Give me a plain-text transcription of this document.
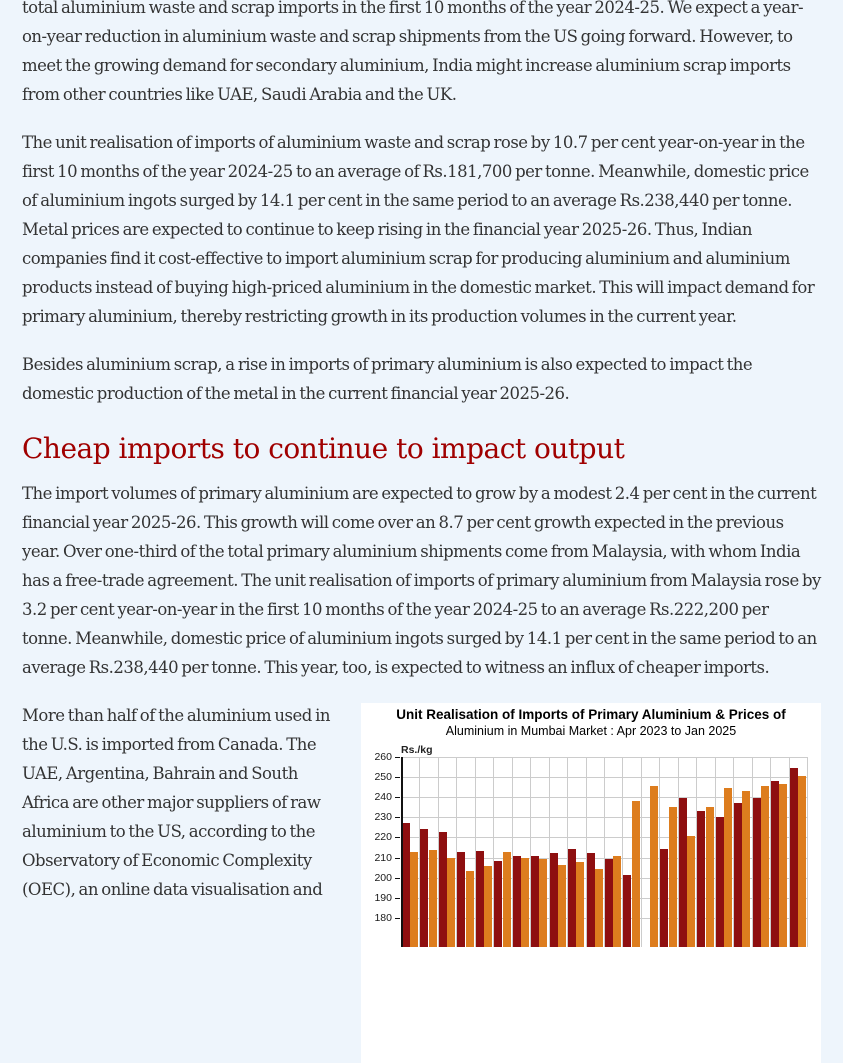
total aluminium waste and scrap imports in the first 10 months of the year 2024-25. We expect a year-on-year reduction in aluminium waste and scrap shipments from the US going forward. However, to meet the growing demand for secondary aluminium, India might increase aluminium scrap imports from other countries like UAE, Saudi Arabia and the UK.

The unit realisation of imports of aluminium waste and scrap rose by 10.7 per cent year-on-year in the first 10 months of the year 2024-25 to an average of Rs.181,700 per tonne. Meanwhile, domestic price of aluminium ingots surged by 14.1 per cent in the same period to an average Rs.238,440 per tonne. Metal prices are expected to continue to keep rising in the financial year 2025-26. Thus, Indian companies find it cost-effective to import aluminium scrap for producing aluminium and aluminium products instead of buying high-priced aluminium in the domestic market. This will impact demand for primary aluminium, thereby restricting growth in its production volumes in the current year.

Besides aluminium scrap, a rise in imports of primary aluminium is also expected to impact the domestic production of the metal in the current financial year 2025-26.

Cheap imports to continue to impact output

The import volumes of primary aluminium are expected to grow by a modest 2.4 per cent in the current financial year 2025-26. This growth will come over an 8.7 per cent growth expected in the previous year. Over one-third of the total primary aluminium shipments come from Malaysia, with whom India has a free-trade agreement. The unit realisation of imports of primary aluminium from Malaysia rose by 3.2 per cent year-on-year in the first 10 months of the year 2024-25 to an average Rs.222,200 per tonne. Meanwhile, domestic price of aluminium ingots surged by 14.1 per cent in the same period to an average Rs.238,440 per tonne. This year, too, is expected to witness an influx of cheaper imports.

Unit Realisation of Imports of Primary Aluminium & Prices of
Aluminium in Mumbai Market : Apr 2023 to Jan 2025
Rs./kg
260
250
240
230
220
210
200
190
180

More than half of the aluminium used in the U.S. is imported from Canada. The UAE, Argentina, Bahrain and South Africa are other major suppliers of raw aluminium to the US, according to the Observatory of Economic Complexity (OEC), an online data visualisation and
